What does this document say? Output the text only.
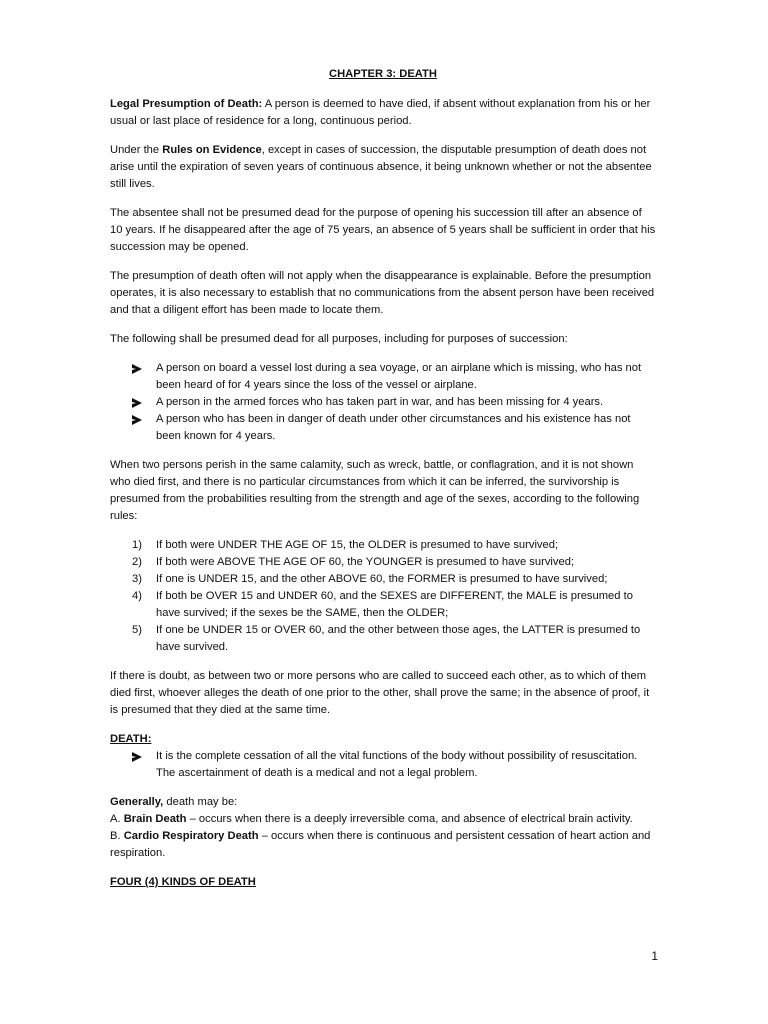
CHAPTER 3: DEATH

Legal Presumption of Death: A person is deemed to have died, if absent without explanation from his or her usual or last place of residence for a long, continuous period.

Under the Rules on Evidence, except in cases of succession, the disputable presumption of death does not arise until the expiration of seven years of continuous absence, it being unknown whether or not the absentee still lives.

The absentee shall not be presumed dead for the purpose of opening his succession till after an absence of 10 years. If he disappeared after the age of 75 years, an absence of 5 years shall be sufficient in order that his succession may be opened.

The presumption of death often will not apply when the disappearance is explainable. Before the presumption operates, it is also necessary to establish that no communications from the absent person have been received and that a diligent effort has been made to locate them.

The following shall be presumed dead for all purposes, including for purposes of succession:

A person on board a vessel lost during a sea voyage, or an airplane which is missing, who has not been heard of for 4 years since the loss of the vessel or airplane.
A person in the armed forces who has taken part in war, and has been missing for 4 years.
A person who has been in danger of death under other circumstances and his existence has not been known for 4 years.

When two persons perish in the same calamity, such as wreck, battle, or conflagration, and it is not shown who died first, and there is no particular circumstances from which it can be inferred, the survivorship is presumed from the probabilities resulting from the strength and age of the sexes, according to the following rules:

1)	If both were UNDER THE AGE OF 15, the OLDER is presumed to have survived;
2)	If both were ABOVE THE AGE OF 60, the YOUNGER is presumed to have survived;
3)	If one is UNDER 15, and the other ABOVE 60, the FORMER is presumed to have survived;
4)	If both be OVER 15 and UNDER 60, and the SEXES are DIFFERENT, the MALE is presumed to have survived; if the sexes be the SAME, then the OLDER;
5)	If one be UNDER 15 or OVER 60, and the other between those ages, the LATTER is presumed to have survived.

If there is doubt, as between two or more persons who are called to succeed each other, as to which of them died first, whoever alleges the death of one prior to the other, shall prove the same; in the absence of proof, it is presumed that they died at the same time.

DEATH:
It is the complete cessation of all the vital functions of the body without possibility of resuscitation. The ascertainment of death is a medical and not a legal problem.

Generally, death may be:

A. Brain Death – occurs when there is a deeply irreversible coma, and absence of electrical brain activity.

B. Cardio Respiratory Death – occurs when there is continuous and persistent cessation of heart action and respiration.

FOUR (4) KINDS OF DEATH
1
